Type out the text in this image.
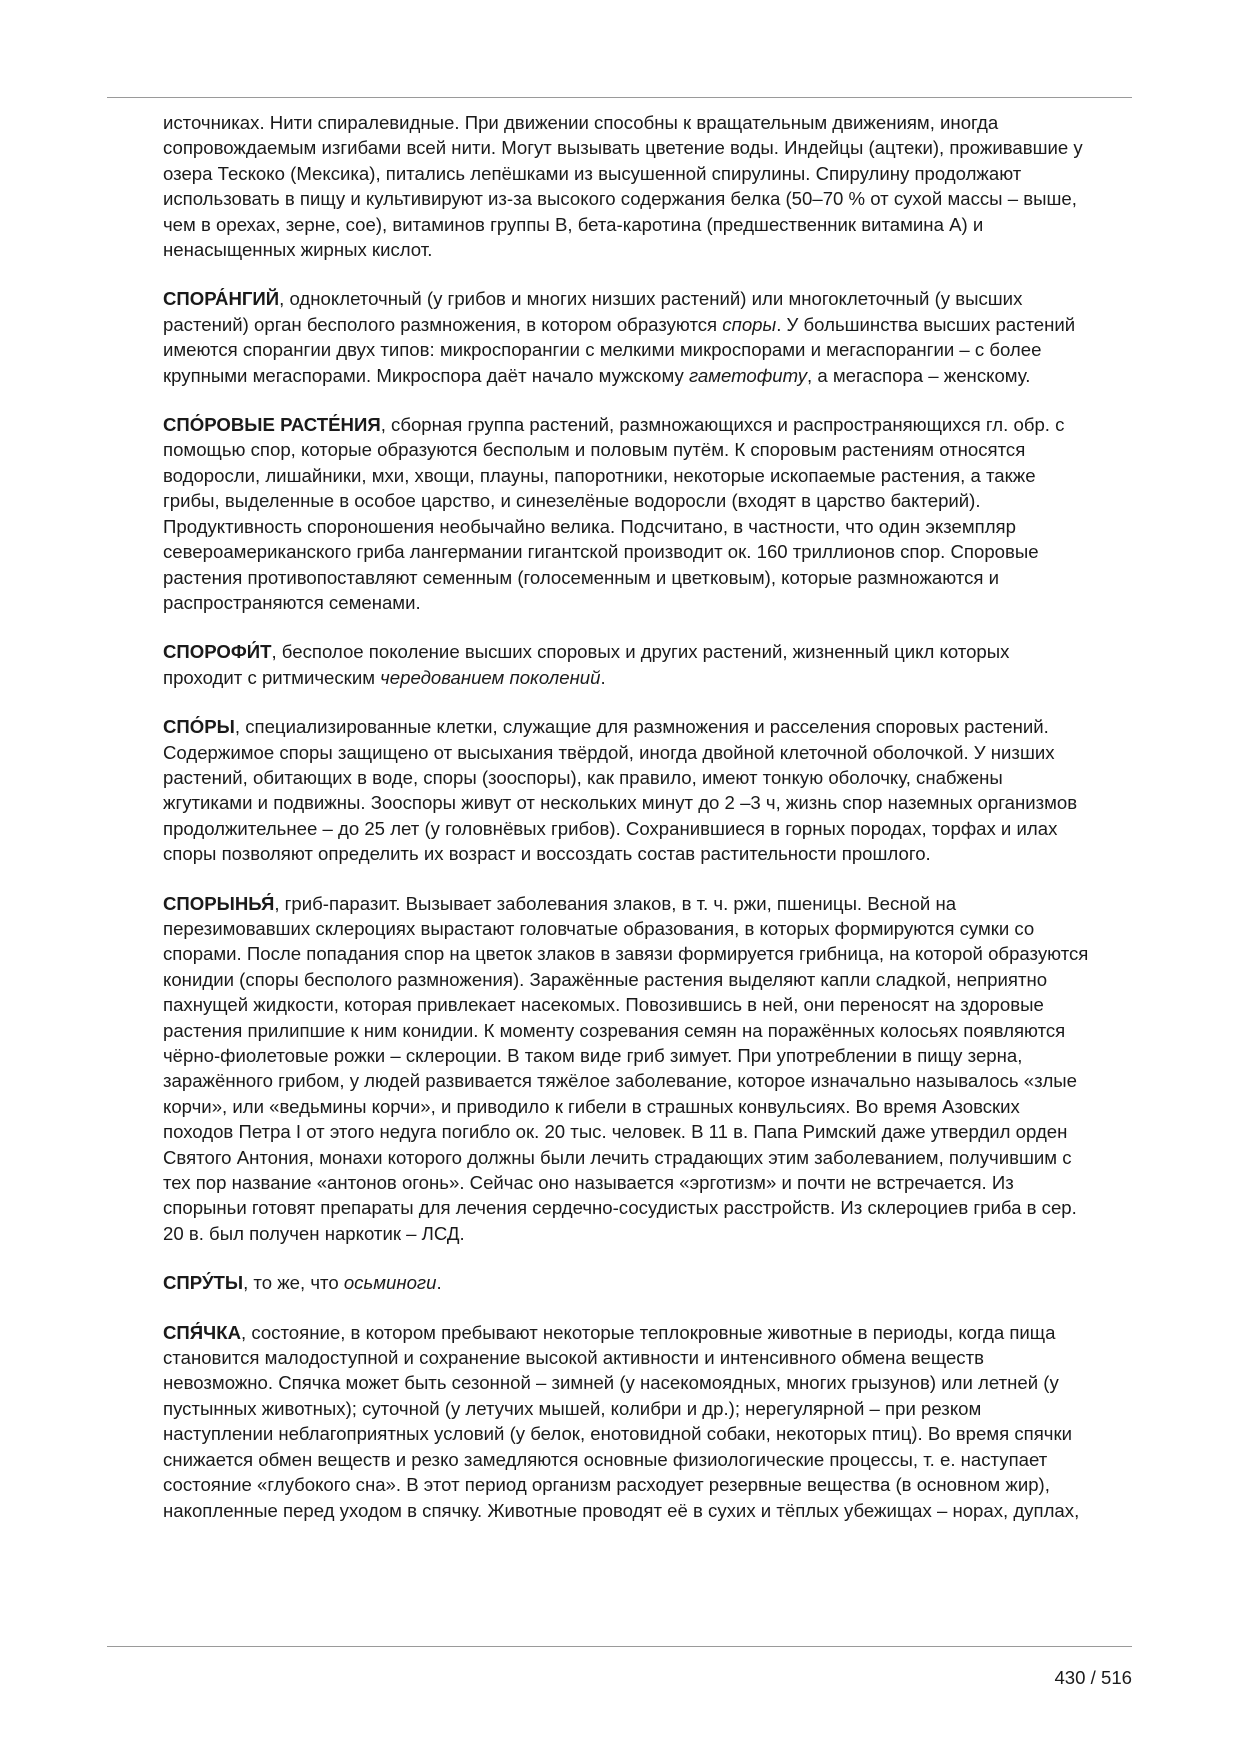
источниках. Нити спиралевидные. При движении способны к вращательным движениям, иногда сопровождаемым изгибами всей нити. Могут вызывать цветение воды. Индейцы (ацтеки), проживавшие у озера Тескоко (Мексика), питались лепёшками из высушенной спирулины. Спирулину продолжают использовать в пищу и культивируют из-за высокого содержания белка (50–70 % от сухой массы – выше, чем в орехах, зерне, сое), витаминов группы В, бета-каротина (предшественник витамина А) и ненасыщенных жирных кислот.

СПОРА́НГИЙ, одноклеточный (у грибов и многих низших растений) или многоклеточный (у высших растений) орган бесполого размножения, в котором образуются споры. У большинства высших растений имеются спорангии двух типов: микроспорангии с мелкими микроспорами и мегаспорангии – с более крупными мегаспорами. Микроспора даёт начало мужскому гаметофиту, а мегаспора – женскому.

СПО́РОВЫЕ РАСТЕ́НИЯ, сборная группа растений, размножающихся и распространяющихся гл. обр. с помощью спор, которые образуются бесполым и половым путём. К споровым растениям относятся водоросли, лишайники, мхи, хвощи, плауны, папоротники, некоторые ископаемые растения, а также грибы, выделенные в особое царство, и синезелёные водоросли (входят в царство бактерий). Продуктивность спороношения необычайно велика. Подсчитано, в частности, что один экземпляр североамериканского гриба лангермании гигантской производит ок. 160 триллионов спор. Споровые растения противопоставляют семенным (голосеменным и цветковым), которые размножаются и распространяются семенами.

СПОРОФИ́Т, бесполое поколение высших споровых и других растений, жизненный цикл которых проходит с ритмическим чередованием поколений.

СПО́РЫ, специализированные клетки, служащие для размножения и расселения споровых растений. Содержимое споры защищено от высыхания твёрдой, иногда двойной клеточной оболочкой. У низших растений, обитающих в воде, споры (зооспоры), как правило, имеют тонкую оболочку, снабжены жгутиками и подвижны. Зооспоры живут от нескольких минут до 2 –3 ч, жизнь спор наземных организмов продолжительнее – до 25 лет (у головнёвых грибов). Сохранившиеся в горных породах, торфах и илах споры позволяют определить их возраст и воссоздать состав растительности прошлого.

СПОРЫНЬЯ́, гриб-паразит. Вызывает заболевания злаков, в т. ч. ржи, пшеницы. Весной на перезимовавших склероциях вырастают головчатые образования, в которых формируются сумки со спорами. После попадания спор на цветок злаков в завязи формируется грибница, на которой образуются конидии (споры бесполого размножения). Заражённые растения выделяют капли сладкой, неприятно пахнущей жидкости, которая привлекает насекомых. Повозившись в ней, они переносят на здоровые растения прилипшие к ним конидии. К моменту созревания семян на поражённых колосьях появляются чёрно-фиолетовые рожки – склероции. В таком виде гриб зимует. При употреблении в пищу зерна, заражённого грибом, у людей развивается тяжёлое заболевание, которое изначально называлось «злые корчи», или «ведьмины корчи», и приводило к гибели в страшных конвульсиях. Во время Азовских походов Петра I от этого недуга погибло ок. 20 тыс. человек. В 11 в. Папа Римский даже утвердил орден Святого Антония, монахи которого должны были лечить страдающих этим заболеванием, получившим с тех пор название «антонов огонь». Сейчас оно называется «эрготизм» и почти не встречается. Из спорыньи готовят препараты для лечения сердечно-сосудистых расстройств. Из склероциев гриба в сер. 20 в. был получен наркотик – ЛСД.

СПРУ́ТЫ, то же, что осьминоги.

СПЯ́ЧКА, состояние, в котором пребывают некоторые теплокровные животные в периоды, когда пища становится малодоступной и сохранение высокой активности и интенсивного обмена веществ невозможно. Спячка может быть сезонной – зимней (у насекомоядных, многих грызунов) или летней (у пустынных животных); суточной (у летучих мышей, колибри и др.); нерегулярной – при резком наступлении неблагоприятных условий (у белок, енотовидной собаки, некоторых птиц). Во время спячки снижается обмен веществ и резко замедляются основные физиологические процессы, т. е. наступает состояние «глубокого сна». В этот период организм расходует резервные вещества (в основном жир), накопленные перед уходом в спячку. Животные проводят её в сухих и тёплых убежищах – норах, дуплах,

430 / 516
